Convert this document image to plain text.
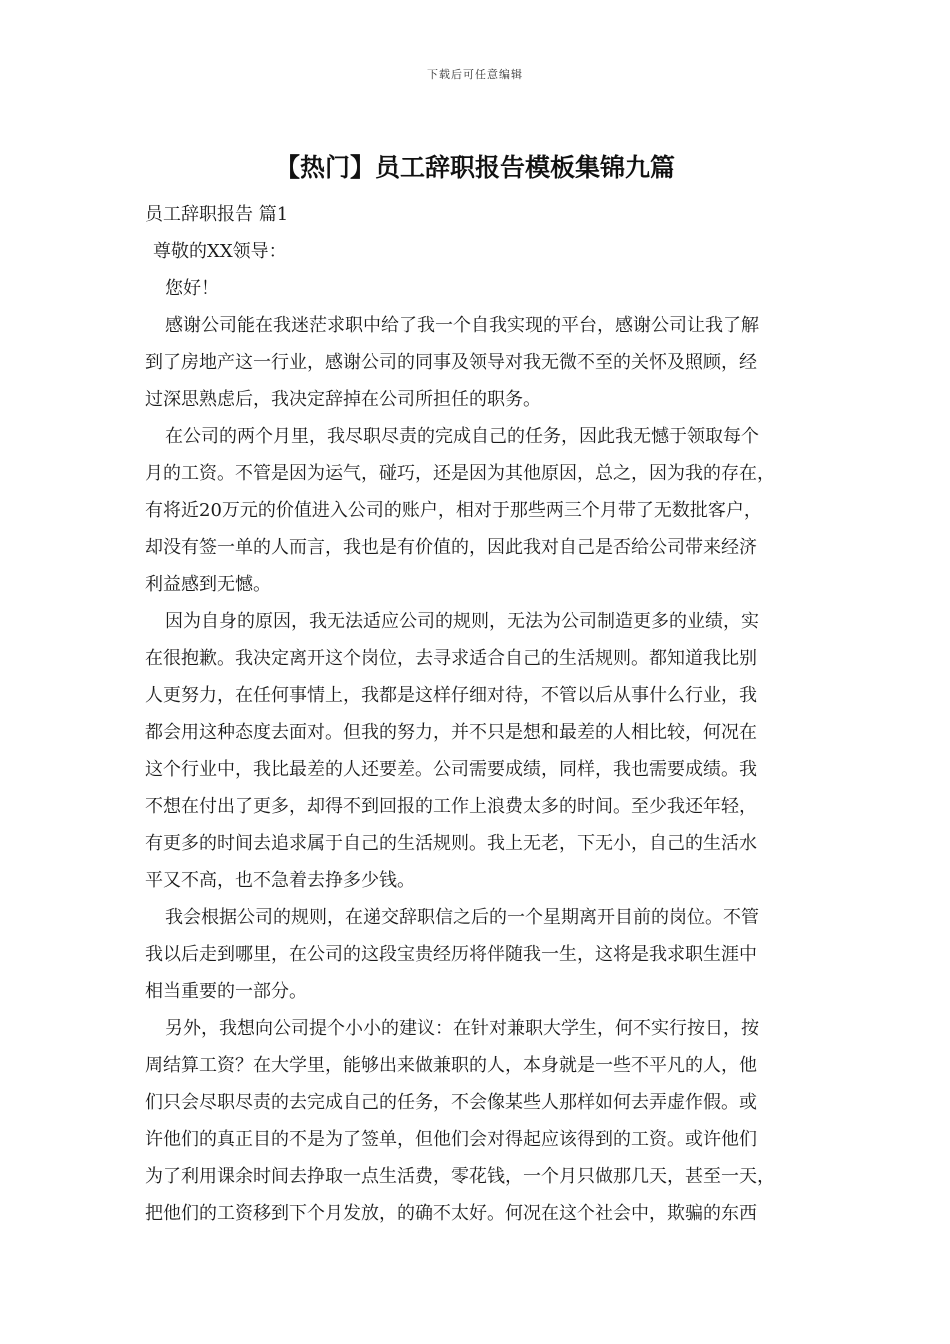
下载后可任意编辑
【热门】员工辞职报告模板集锦九篇
员工辞职报告 篇1
尊敬的XX领导：
您好！
感谢公司能在我迷茫求职中给了我一个自我实现的平台，感谢公司让我了解
到了房地产这一行业，感谢公司的同事及领导对我无微不至的关怀及照顾，经
过深思熟虑后，我决定辞掉在公司所担任的职务。
在公司的两个月里，我尽职尽责的完成自己的任务，因此我无憾于领取每个
月的工资。不管是因为运气，碰巧，还是因为其他原因，总之，因为我的存在，
有将近20万元的价值进入公司的账户，相对于那些两三个月带了无数批客户，
却没有签一单的人而言，我也是有价值的，因此我对自己是否给公司带来经济
利益感到无憾。
因为自身的原因，我无法适应公司的规则，无法为公司制造更多的业绩，实
在很抱歉。我决定离开这个岗位，去寻求适合自己的生活规则。都知道我比别
人更努力，在任何事情上，我都是这样仔细对待，不管以后从事什么行业，我
都会用这种态度去面对。但我的努力，并不只是想和最差的人相比较，何况在
这个行业中，我比最差的人还要差。公司需要成绩，同样，我也需要成绩。我
不想在付出了更多，却得不到回报的工作上浪费太多的时间。至少我还年轻，
有更多的时间去追求属于自己的生活规则。我上无老，下无小，自己的生活水
平又不高，也不急着去挣多少钱。
我会根据公司的规则，在递交辞职信之后的一个星期离开目前的岗位。不管
我以后走到哪里，在公司的这段宝贵经历将伴随我一生，这将是我求职生涯中
相当重要的一部分。
另外，我想向公司提个小小的建议：在针对兼职大学生，何不实行按日，按
周结算工资？在大学里，能够出来做兼职的人，本身就是一些不平凡的人，他
们只会尽职尽责的去完成自己的任务，不会像某些人那样如何去弄虚作假。或
许他们的真正目的不是为了签单，但他们会对得起应该得到的工资。或许他们
为了利用课余时间去挣取一点生活费，零花钱，一个月只做那几天，甚至一天，
把他们的工资移到下个月发放，的确不太好。何况在这个社会中，欺骗的东西
